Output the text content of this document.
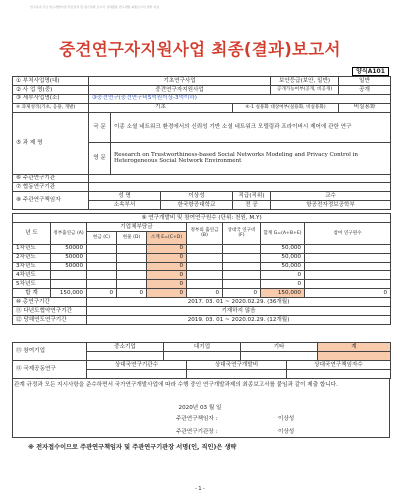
연구분야 주요 연구개발사업 추진실적 및 평가결과 보고서 성과활용 연구개발 최종보고서 첨부 자료
중견연구자지원사업 최종(결과)보고서
양식A101
① 부처사업명(대)	기초연구사업				보안등급(보안, 일반)	일반
② 사 업 명(중)	중견연구자지원사업				공개가능여부(공개, 비공개)	공개
③ 세부사업명(소)	③중견연구(중견연구비5억원이상-3억이하)					
④ 과제성격(기초, 응용, 개발)	기초			④-1 실용화 대상여부(실용화, 비실용화)		비실용화
⑤ 과 제 명	국 문	이종 소셜 네트워크 환경에서의 신뢰성 기반 소셜 네트워크 모델링과 프라이버시 제어에 관한 연구				
	영 문	Research on Trustworthiness-based Social Networks Modeling and Privacy Control in Heterogeneous Social Network Environment				
⑥ 주관연구기관						
⑦ 협동연구기관						
⑧ 주관연구책임자	성 명		이상성	직급(직위)	교수	
	소속부서		한국항공대학교	전 공	항공전자정보공학부	
⑨ 연구개발비 및 참여연구원수 (단위: 천원, M.Y)								
년 도	정부출연금 (A)	기업체부담금			정부외 출연금 (B)	상대국 연구비 (F)	합계 G=(A+B+E)	참여 연구원수
		현금 (C)	현물 (D)	소계 E=(C+D)				
1차년도	50000			0			50,000	
2차년도	50000			0			50,000	
3차년도	50000			0			50,000	
4차년도				0			0	
5차년도				0			0	
합 계	150,000	0	0	0	0	0	150,000	0
⑩ 총연구기간		2017. 03. 01 ~ 2020.02.29. (36개월)						
⑪ 다년도협약연구기간		기재하지 않음						
⑫ 당해연도연구기간		2019. 03. 01 ~ 2020.02.29. (12개월)						
⑬ 참여기업	중소기업	대기업	기타	계

⑭ 국제공동연구	상대국연구기관수	상대국연구개발비	상대국연구책임자수

관계 규정과 모든 지시사항을 준수하면서 국가연구개발사업에 따라 수행 중인 연구개발과제의 최종보고서를 붙임과 같이 제출 합니다.
2020년 03 월 일
주관연구책임자 :	이상성
주관연구기관장 :	이상성
※ 전자접수이므로 주관연구책임자 및 주관연구기관장 서명(인, 직인)은 생략
- 1 -
